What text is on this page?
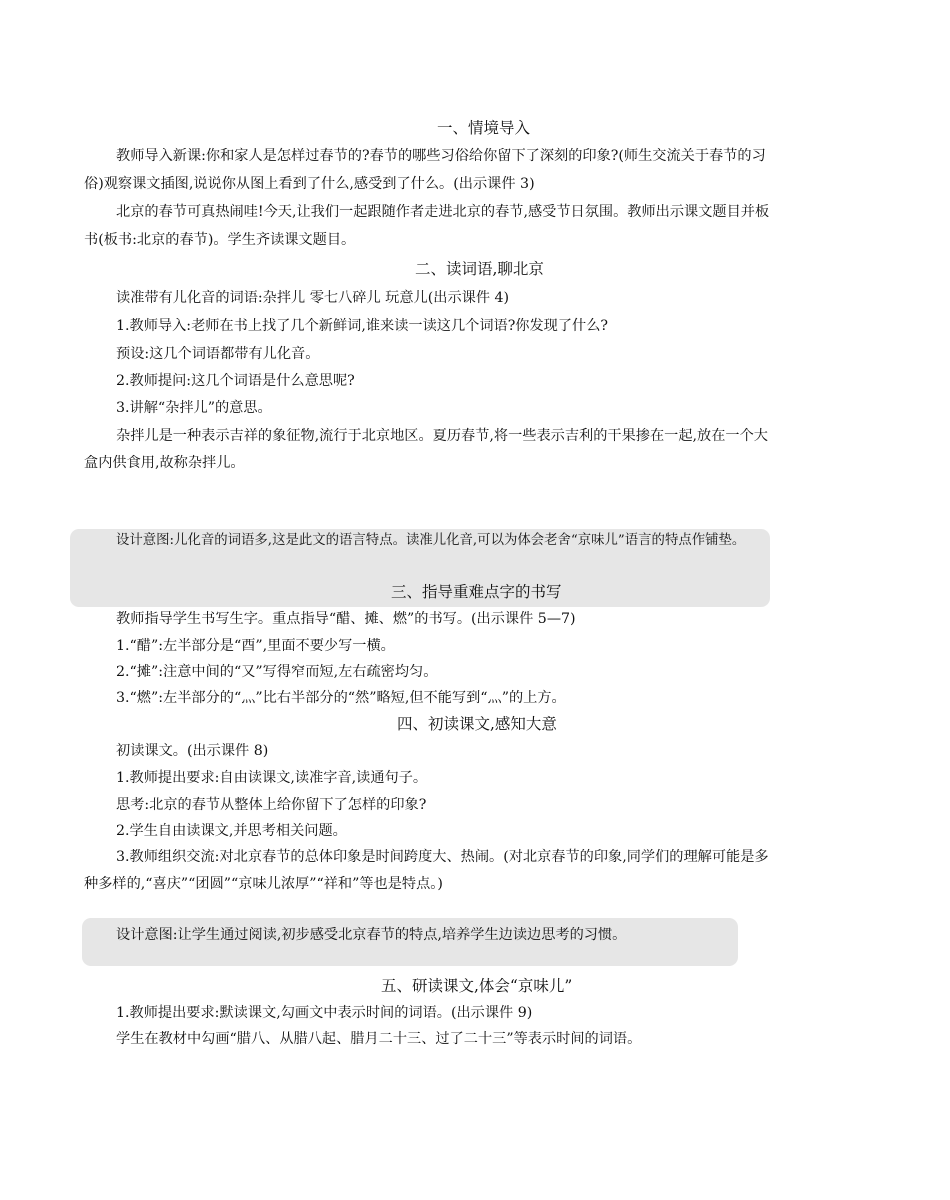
一、情境导入
教师导入新课:你和家人是怎样过春节的?春节的哪些习俗给你留下了深刻的印象?(师生交流关于春节的习
俗)观察课文插图,说说你从图上看到了什么,感受到了什么。(出示课件 3)
北京的春节可真热闹哇!今天,让我们一起跟随作者走进北京的春节,感受节日氛围。教师出示课文题目并板
书(板书:北京的春节)。学生齐读课文题目。
二、读词语,聊北京
读准带有儿化音的词语:杂拌儿 零七八碎儿 玩意儿(出示课件 4)
1.教师导入:老师在书上找了几个新鲜词,谁来读一读这几个词语?你发现了什么?
预设:这几个词语都带有儿化音。
2.教师提问:这几个词语是什么意思呢?
3.讲解“杂拌儿”的意思。
杂拌儿是一种表示吉祥的象征物,流行于北京地区。夏历春节,将一些表示吉利的干果掺在一起,放在一个大
盒内供食用,故称杂拌儿。
设计意图:儿化音的词语多,这是此文的语言特点。读准儿化音,可以为体会老舍“京味儿”语言的特点作铺垫。
三、指导重难点字的书写
教师指导学生书写生字。重点指导“醋、摊、燃”的书写。(出示课件 5—7)
1.“醋”:左半部分是“酉”,里面不要少写一横。
2.“摊”:注意中间的“又”写得窄而短,左右疏密均匀。
3.“燃”:左半部分的“⺣”比右半部分的“然”略短,但不能写到“灬”的上方。
四、初读课文,感知大意
初读课文。(出示课件 8)
1.教师提出要求:自由读课文,读准字音,读通句子。
思考:北京的春节从整体上给你留下了怎样的印象?
2.学生自由读课文,并思考相关问题。
3.教师组织交流:对北京春节的总体印象是时间跨度大、热闹。(对北京春节的印象,同学们的理解可能是多
种多样的,“喜庆”“团圆”“京味儿浓厚”“祥和”等也是特点。)
设计意图:让学生通过阅读,初步感受北京春节的特点,培养学生边读边思考的习惯。
五、研读课文,体会“京味儿”
1.教师提出要求:默读课文,勾画文中表示时间的词语。(出示课件 9)
学生在教材中勾画“腊八、从腊八起、腊月二十三、过了二十三”等表示时间的词语。
